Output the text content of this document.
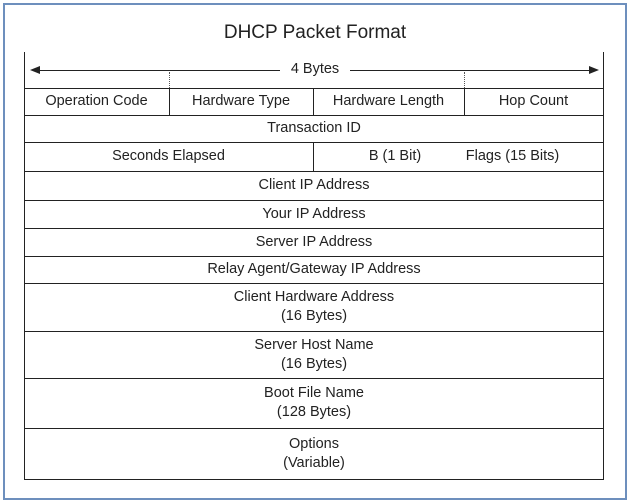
DHCP Packet Format
4 Bytes
Operation Code	Hardware Type	Hardware Length	Hop Count
Transaction ID
Seconds Elapsed	B (1 Bit)	Flags (15 Bits)
Client IP Address
Your IP Address
Server IP Address
Relay Agent/Gateway IP Address
Client Hardware Address
(16 Bytes)
Server Host Name
(16 Bytes)
Boot File Name
(128 Bytes)
Options
(Variable)
